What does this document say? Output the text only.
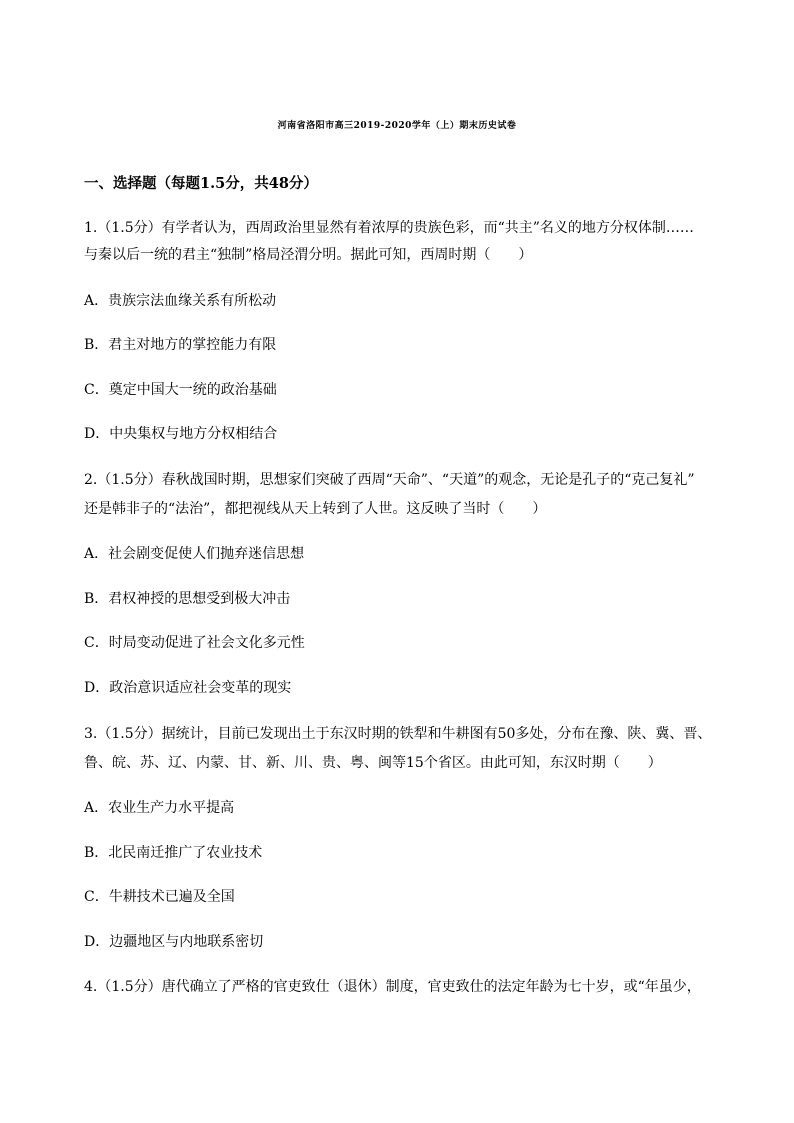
河南省洛阳市高三2019-2020学年（上）期末历史试卷
一、选择题（每题1.5分，共48分）
1.（1.5分）有学者认为，西周政治里显然有着浓厚的贵族色彩，而“共主”名义的地方分权体制……
与秦以后一统的君主“独制”格局泾渭分明。据此可知，西周时期（　　）
A．贵族宗法血缘关系有所松动
B．君主对地方的掌控能力有限
C．奠定中国大一统的政治基础
D．中央集权与地方分权相结合
2.（1.5分）春秋战国时期，思想家们突破了西周“天命”、“天道”的观念，无论是孔子的“克己复礼”
还是韩非子的“法治”，都把视线从天上转到了人世。这反映了当时（　　）
A．社会剧变促使人们抛弃迷信思想
B．君权神授的思想受到极大冲击
C．时局变动促进了社会文化多元性
D．政治意识适应社会变革的现实
3.（1.5分）据统计，目前已发现出土于东汉时期的铁犁和牛耕图有50多处，分布在豫、陕、冀、晋、
鲁、皖、苏、辽、内蒙、甘、新、川、贵、粤、闽等15个省区。由此可知，东汉时期（　　）
A．农业生产力水平提高
B．北民南迁推广了农业技术
C．牛耕技术已遍及全国
D．边疆地区与内地联系密切
4.（1.5分）唐代确立了严格的官吏致仕（退休）制度，官吏致仕的法定年龄为七十岁，或“年虽少，
